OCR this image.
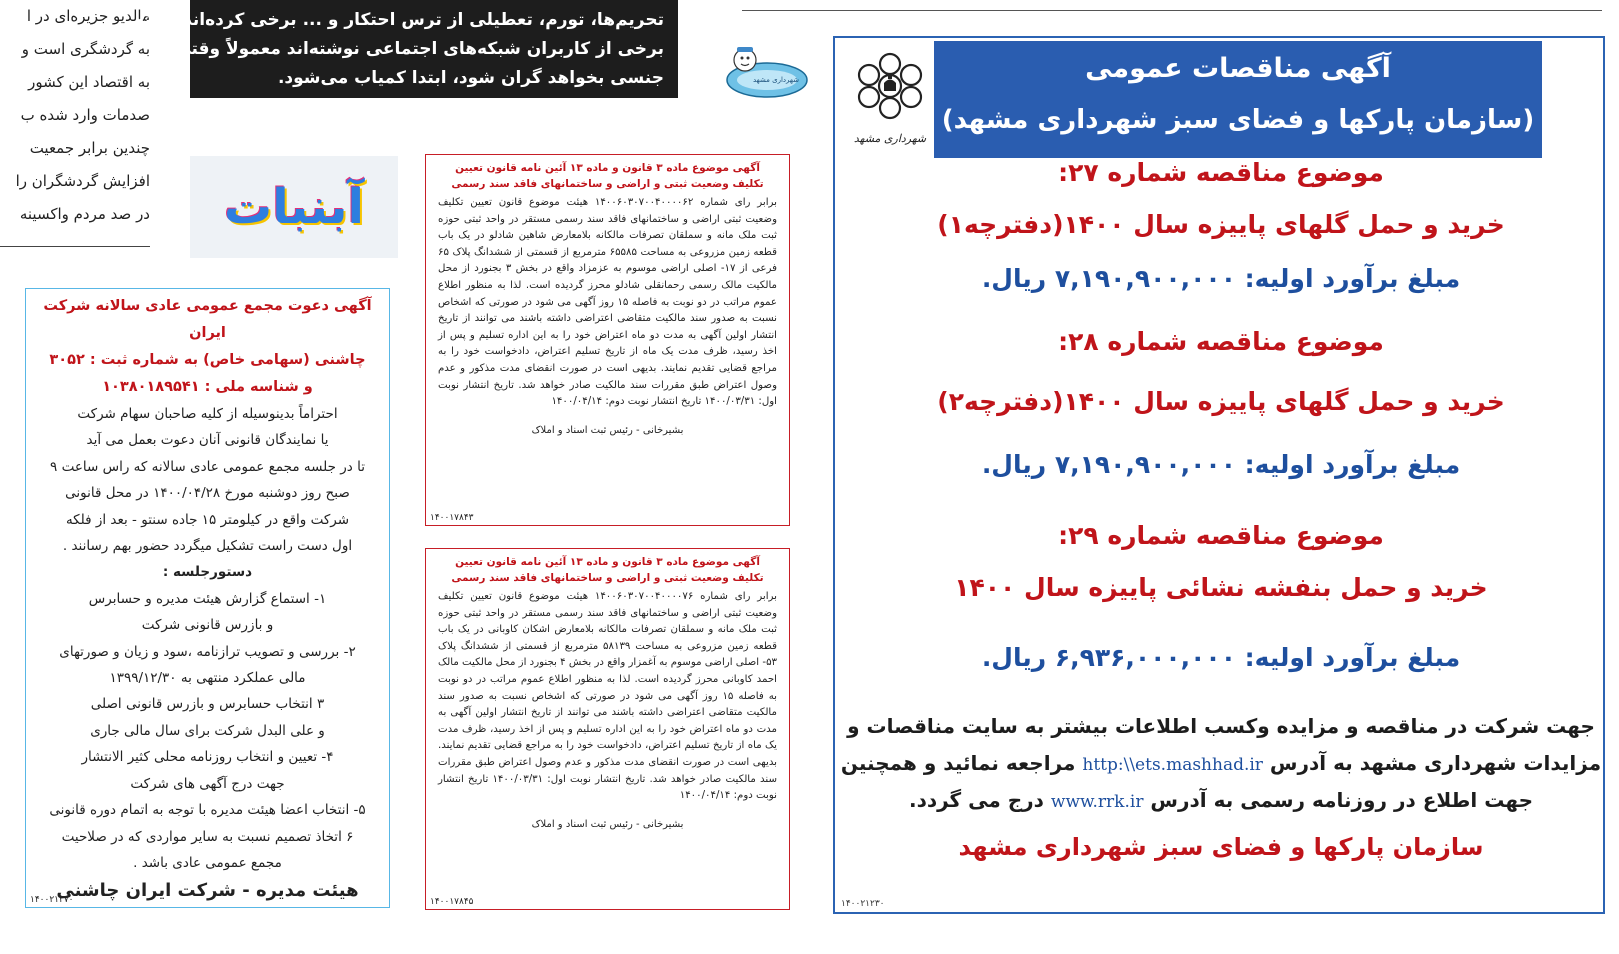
مالدیو جزیره‌ای در ا
به گردشگری است و
به اقتصاد این کشور
صدمات وارد شده ب
چندین برابر جمعیت
افزایش گردشگران را
در صد مردم واکسینه
تحریم‌ها، تورم، تعطیلی از ترس احتکار و ... برخی کرده‌اند. البته
برخی از کاربران شبکه‌های اجتماعی نوشته‌اند معمولاً وقتی
جنسی بخواهد گران شود، ابتدا کمیاب می‌شود.	شهرداری مشهد
آبنبات
آگهی دعوت مجمع عمومی عادی سالانه شرکت ایران
چاشنی (سهامی خاص) به شماره ثبت : ۳۰۵۲
و شناسه ملی : ۱۰۳۸۰۱۸۹۵۴۱
احتراماً بدینوسیله از کلیه صاحبان سهام شرکت
یا نمایندگان قانونی آنان دعوت بعمل می آید
تا در جلسه مجمع عمومی عادی سالانه که راس ساعت ۹
صبح روز دوشنبه مورخ ۱۴۰۰/۰۴/۲۸ در محل قانونی
شرکت واقع در کیلومتر ۱۵ جاده سنتو - بعد از فلکه
اول دست راست تشکیل میگردد حضور بهم رسانند .
دستورجلسه :
۱- استماع گزارش هیئت مدیره و حسابرس
و بازرس قانونی شرکت
۲- بررسی و تصویب ترازنامه ،سود و زیان و صورتهای
مالی عملکرد منتهی به ۱۳۹۹/۱۲/۳۰
۳ انتخاب حسابرس و بازرس قانونی اصلی
و علی البدل شرکت برای سال مالی جاری
۴- تعیین و انتخاب روزنامه محلی کثیر الانتشار
جهت درج آگهی های شرکت
۵- انتخاب اعضا هیئت مدیره با توجه به اتمام دوره قانونی
۶ اتخاذ تصمیم نسبت به سایر مواردی که در صلاحیت
مجمع عمومی عادی باشد .
هیئت مدیره - شرکت ایران چاشنی
۱۴۰۰۲۱۲۷۰
آگهی موضوع ماده ۳ قانون و ماده ۱۳ آئین نامه قانون تعیین تکلیف وضعیت ثبتی و اراضی و ساختمانهای فاقد سند رسمی
برابر رای شماره ۱۴۰۰۶۰۳۰۷۰۰۴۰۰۰۰۶۲ هیئت موضوع قانون تعیین تکلیف وضعیت ثبتی اراضی و ساختمانهای فاقد سند رسمی مستقر در واحد ثبتی حوزه ثبت ملک مانه و سملقان تصرفات مالکانه بلامعارض شاهین شادلو در یک باب قطعه زمین مزروعی به مساحت ۶۵۵۸۵ مترمربع از قسمتی از ششدانگ پلاک ۶۵ فرعی از ۱۷- اصلی اراضی موسوم به عزمزاد واقع در بخش ۳ بجنورد از محل مالکیت مالک رسمی رحمانقلی شادلو محرز گردیده است. لذا به منظور اطلاع عموم مراتب در دو نوبت به فاصله ۱۵ روز آگهی می شود در صورتی که اشخاص نسبت به صدور سند مالکیت متقاضی اعتراضی داشته باشند می توانند از تاریخ انتشار اولین آگهی به مدت دو ماه اعتراض خود را به این اداره تسلیم و پس از اخذ رسید، ظرف مدت یک ماه از تاریخ تسلیم اعتراض، دادخواست خود را به مراجع قضایی تقدیم نمایند. بدیهی است در صورت انقضای مدت مذکور و عدم وصول اعتراض طبق مقررات سند مالکیت صادر خواهد شد. تاریخ انتشار نوبت اول: ۱۴۰۰/۰۳/۳۱ تاریخ انتشار نوبت دوم: ۱۴۰۰/۰۴/۱۴
بشیرخانی - رئیس ثبت اسناد و املاک
۱۴۰۰۱۷۸۴۳
آگهی موضوع ماده ۳ قانون و ماده ۱۳ آئین نامه قانون تعیین تکلیف وضعیت ثبتی و اراضی و ساختمانهای فاقد سند رسمی
برابر رای شماره ۱۴۰۰۶۰۳۰۷۰۰۴۰۰۰۰۷۶ هیئت موضوع قانون تعیین تکلیف وضعیت ثبتی اراضی و ساختمانهای فاقد سند رسمی مستقر در واحد ثبتی حوزه ثبت ملک مانه و سملقان تصرفات مالکانه بلامعارض اشکان کاوبانی در یک باب قطعه زمین مزروعی به مساحت ۵۸۱۳۹ مترمربع از قسمتی از ششدانگ پلاک ۵۳- اصلی اراضی موسوم به آغمزار واقع در بخش ۴ بجنورد از محل مالکیت مالک احمد کاوبانی محرز گردیده است. لذا به منظور اطلاع عموم مراتب در دو نوبت به فاصله ۱۵ روز آگهی می شود در صورتی که اشخاص نسبت به صدور سند مالکیت متقاضی اعتراضی داشته باشند می توانند از تاریخ انتشار اولین آگهی به مدت دو ماه اعتراض خود را به این اداره تسلیم و پس از اخذ رسید، ظرف مدت یک ماه از تاریخ تسلیم اعتراض، دادخواست خود را به مراجع قضایی تقدیم نمایند. بدیهی است در صورت انقضای مدت مذکور و عدم وصول اعتراض طبق مقررات سند مالکیت صادر خواهد شد. تاریخ انتشار نوبت اول: ۱۴۰۰/۰۳/۳۱ تاریخ انتشار نوبت دوم: ۱۴۰۰/۰۴/۱۴
بشیرخانی - رئیس ثبت اسناد و املاک
۱۴۰۰۱۷۸۴۵
آگهی مناقصات عمومی
(سازمان پارکها و فضای سبز شهرداری مشهد)
شهرداری مشهد
موضوع مناقصه شماره ۲۷:
خرید و حمل گلهای پاییزه سال ۱۴۰۰(دفترچه۱)
مبلغ برآورد اولیه: ۷,۱۹۰,۹۰۰,۰۰۰ ریال.
موضوع مناقصه شماره ۲۸:
خرید و حمل گلهای پاییزه سال ۱۴۰۰(دفترچه۲)
مبلغ برآورد اولیه: ۷,۱۹۰,۹۰۰,۰۰۰ ریال.
موضوع مناقصه شماره ۲۹:
خرید و حمل بنفشه نشائی پاییزه سال ۱۴۰۰
مبلغ برآورد اولیه: ۶,۹۳۶,۰۰۰,۰۰۰ ریال.
جهت شرکت در مناقصه و مزایده وکسب اطلاعات بیشتر به سایت مناقصات و
مزایدات شهرداری مشهد به آدرس http:\\ets.mashhad.ir مراجعه نمائید و همچنین
جهت اطلاع در روزنامه رسمی به آدرس www.rrk.ir درج می گردد.
سازمان پارکها و فضای سبز شهرداری مشهد
۱۴۰۰۲۱۲۳۰
